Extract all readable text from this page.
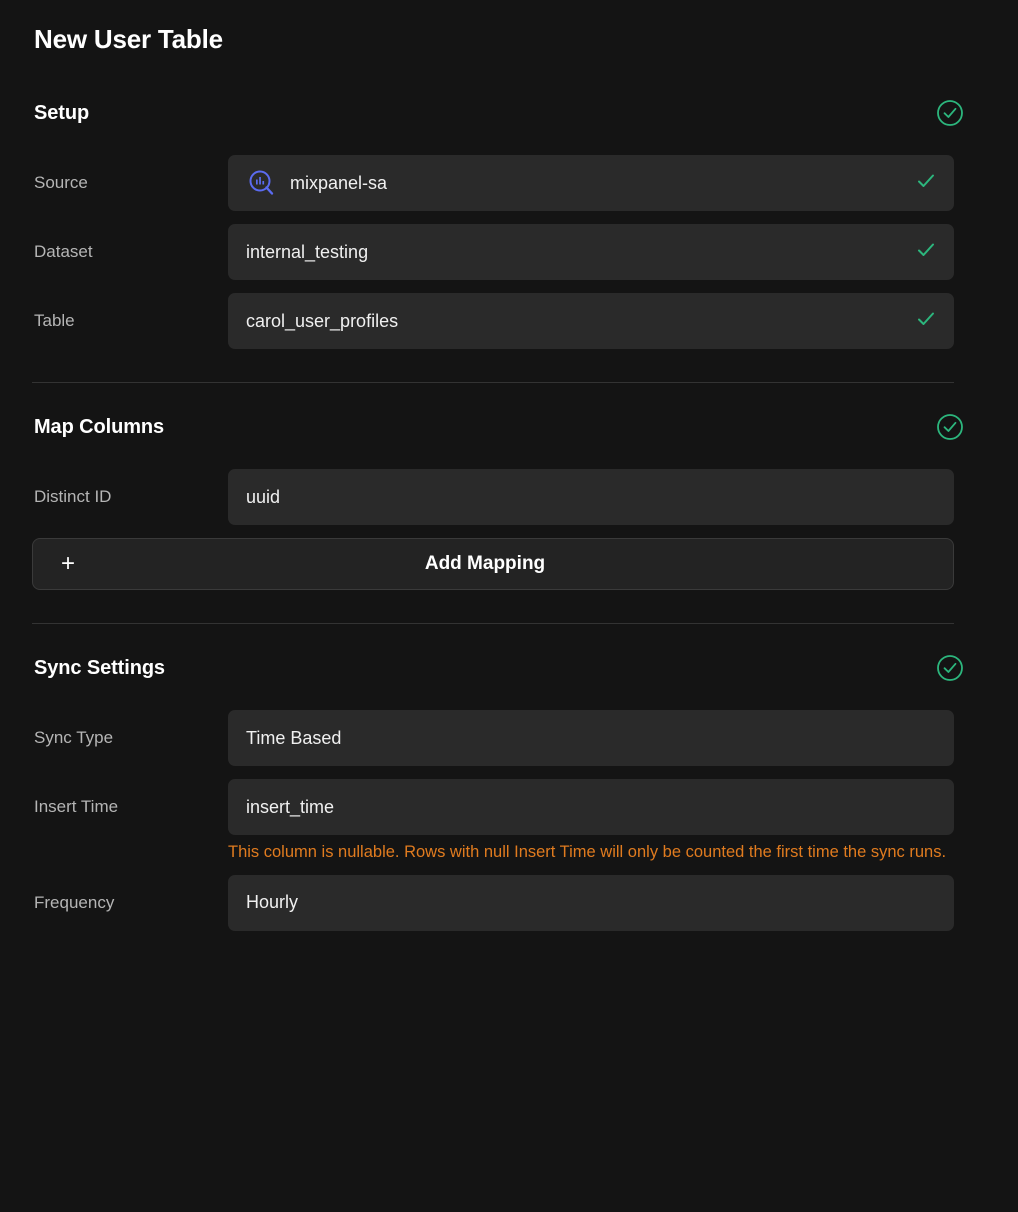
New User Table
Setup
Source	mixpanel-sa
Dataset	internal_testing
Table	carol_user_profiles
Map Columns
Distinct ID	uuid
+	Add Mapping
Sync Settings
Sync Type	Time Based
Insert Time	insert_time
This column is nullable. Rows with null Insert Time will only be counted the first time the sync runs.
Frequency	Hourly
